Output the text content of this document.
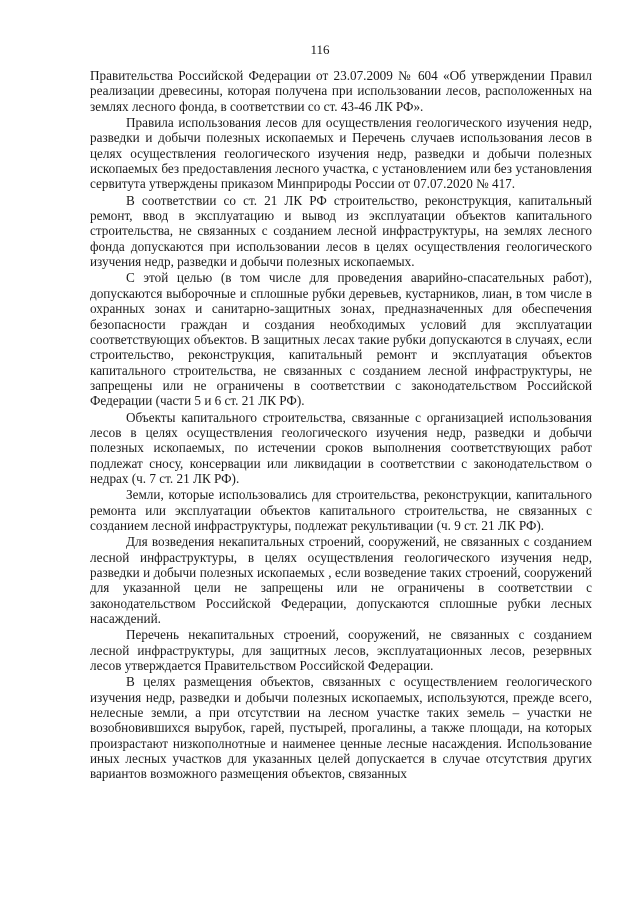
116

Правительства Российской Федерации от 23.07.2009 № 604 «Об утверждении Правил реализации древесины, которая получена при использовании лесов, расположенных на землях лесного фонда, в соответствии со ст. 43-46 ЛК РФ».

Правила использования лесов для осуществления геологического изучения недр, разведки и добычи полезных ископаемых и Перечень случаев использования лесов в целях осуществления геологического изучения недр, разведки и добычи полезных ископаемых без предоставления лесного участка, с установлением или без установления сервитута утверждены приказом Минприроды России от 07.07.2020 № 417.

В соответствии со ст. 21 ЛК РФ строительство, реконструкция, капитальный ремонт, ввод в эксплуатацию и вывод из эксплуатации объектов капитального строительства, не связанных с созданием лесной инфраструктуры, на землях лесного фонда допускаются при использовании лесов в целях осуществления геологического изучения недр, разведки и добычи полезных ископаемых.

С этой целью (в том числе для проведения аварийно-спасательных работ), допускаются выборочные и сплошные рубки деревьев, кустарников, лиан, в том числе в охранных зонах и санитарно-защитных зонах, предназначенных для обеспечения безопасности граждан и создания необходимых условий для эксплуатации соответствующих объектов. В защитных лесах такие рубки допускаются в случаях, если строительство, реконструкция, капитальный ремонт и эксплуатация объектов капитального строительства, не связанных с созданием лесной инфраструктуры, не запрещены или не ограничены в соответствии с законодательством Российской Федерации (части 5 и 6 ст. 21 ЛК РФ).

Объекты капитального строительства, связанные с организацией использования лесов в целях осуществления геологического изучения недр, разведки и добычи полезных ископаемых, по истечении сроков выполнения соответствующих работ подлежат сносу, консервации или ликвидации в соответствии с законодательством о недрах (ч. 7 ст. 21 ЛК РФ).

Земли, которые использовались для строительства, реконструкции, капитального ремонта или эксплуатации объектов капитального строительства, не связанных с созданием лесной инфраструктуры, подлежат рекультивации (ч. 9 ст. 21 ЛК РФ).

Для возведения некапитальных строений, сооружений, не связанных с созданием лесной инфраструктуры, в целях осуществления геологического изучения недр, разведки и добычи полезных ископаемых , если возведение таких строений, сооружений для указанной цели не запрещены или не ограничены в соответствии с законодательством Российской Федерации, допускаются сплошные рубки лесных насаждений.

Перечень некапитальных строений, сооружений, не связанных с созданием лесной инфраструктуры, для защитных лесов, эксплуатационных лесов, резервных лесов утверждается Правительством Российской Федерации.

В целях размещения объектов, связанных с осуществлением геологического изучения недр, разведки и добычи полезных ископаемых, используются, прежде всего, нелесные земли, а при отсутствии на лесном участке таких земель – участки не возобновившихся вырубок, гарей, пустырей, прогалины, а также площади, на которых произрастают низкополнотные и наименее ценные лесные насаждения. Использование иных лесных участков для указанных целей допускается в случае отсутствия других вариантов возможного размещения объектов, связанных
